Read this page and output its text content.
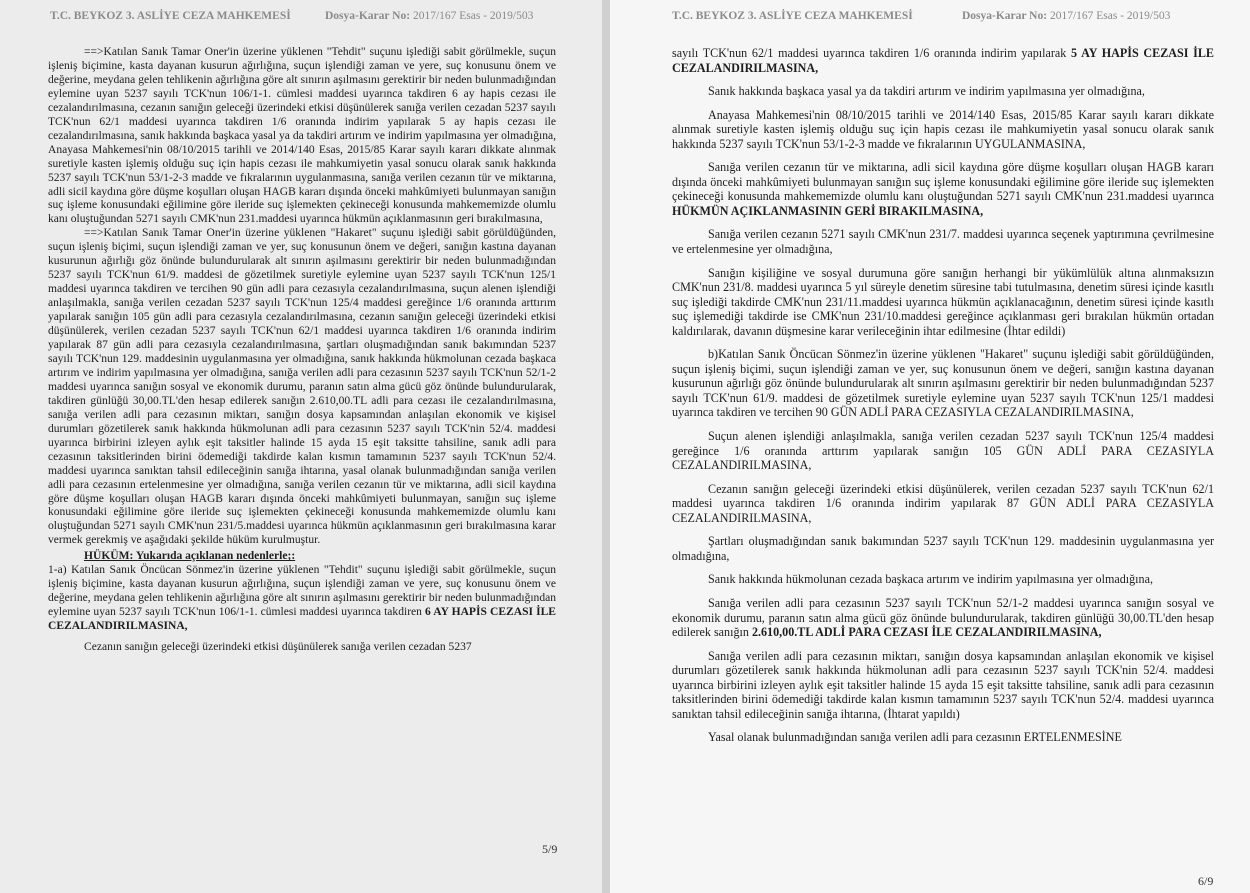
T.C. BEYKOZ 3. ASLİYE CEZA MAHKEMESİ	Dosya-Karar No: 2017/167 Esas - 2019/503

==>Katılan Sanık Tamar Oner'in üzerine yüklenen "Tehdit" suçunu işlediği sabit görülmekle, suçun işleniş biçimine, kasta dayanan kusurun ağırlığına, suçun işlendiği zaman ve yere, suç konusunu önem ve değerine, meydana gelen tehlikenin ağırlığına göre alt sınırın aşılmasını gerektirir bir neden bulunmadığından eylemine uyan 5237 sayılı TCK'nun 106/1-1. cümlesi maddesi uyarınca takdiren 6 ay hapis cezası ile cezalandırılmasına, cezanın sanığın geleceği üzerindeki etkisi düşünülerek sanığa verilen cezadan 5237 sayılı TCK'nun 62/1 maddesi uyarınca takdiren 1/6 oranında indirim yapılarak 5 ay hapis cezası ile cezalandırılmasına, sanık hakkında başkaca yasal ya da takdiri artırım ve indirim yapılmasına yer olmadığına, Anayasa Mahkemesi'nin 08/10/2015 tarihli ve 2014/140 Esas, 2015/85 Karar sayılı kararı dikkate alınmak suretiyle kasten işlemiş olduğu suç için hapis cezası ile mahkumiyetin yasal sonucu olarak sanık hakkında 5237 sayılı TCK'nun 53/1-2-3 madde ve fıkralarının uygulanmasına, sanığa verilen cezanın tür ve miktarına, adli sicil kaydına göre düşme koşulları oluşan HAGB kararı dışında önceki mahkûmiyeti bulunmayan sanığın suç işleme konusundaki eğilimine göre ileride suç işlemekten çekineceği konusunda mahkememizde olumlu kanı oluştuğundan 5271 sayılı CMK'nun 231.maddesi uyarınca hükmün açıklanmasının geri bırakılmasına,

==>Katılan Sanık Tamar Oner'in üzerine yüklenen "Hakaret" suçunu işlediği sabit görüldüğünden, suçun işleniş biçimi, suçun işlendiği zaman ve yer, suç konusunun önem ve değeri, sanığın kastına dayanan kusurunun ağırlığı göz önünde bulundurularak alt sınırın aşılmasını gerektirir bir neden bulunmadığından 5237 sayılı TCK'nun 61/9. maddesi de gözetilmek suretiyle eylemine uyan 5237 sayılı TCK'nun 125/1 maddesi uyarınca takdiren ve tercihen 90 gün adli para cezasıyla cezalandırılmasına, suçun alenen işlendiği anlaşılmakla, sanığa verilen cezadan 5237 sayılı TCK'nun 125/4 maddesi gereğince 1/6 oranında arttırım yapılarak sanığın 105 gün adli para cezasıyla cezalandırılmasına, cezanın sanığın geleceği üzerindeki etkisi düşünülerek, verilen cezadan 5237 sayılı TCK'nun 62/1 maddesi uyarınca takdiren 1/6 oranında indirim yapılarak 87 gün adli para cezasıyla cezalandırılmasına, şartları oluşmadığından sanık bakımından 5237 sayılı TCK'nun 129. maddesinin uygulanmasına yer olmadığına, sanık hakkında hükmolunan cezada başkaca artırım ve indirim yapılmasına yer olmadığına, sanığa verilen adli para cezasının 5237 sayılı TCK'nun 52/1-2 maddesi uyarınca sanığın sosyal ve ekonomik durumu, paranın satın alma gücü göz önünde bulundurularak, takdiren günlüğü 30,00.TL'den hesap edilerek sanığın 2.610,00.TL adli para cezası ile cezalandırılmasına, sanığa verilen adli para cezasının miktarı, sanığın dosya kapsamından anlaşılan ekonomik ve kişisel durumları gözetilerek sanık hakkında hükmolunan adli para cezasının 5237 sayılı TCK'nin 52/4. maddesi uyarınca birbirini izleyen aylık eşit taksitler halinde 15 ayda 15 eşit taksitte tahsiline, sanık adli para cezasının taksitlerinden birini ödemediği takdirde kalan kısmın tamamının 5237 sayılı TCK'nun 52/4. maddesi uyarınca sanıktan tahsil edileceğinin sanığa ihtarına, yasal olanak bulunmadığından sanığa verilen adli para cezasının ertelenmesine yer olmadığına, sanığa verilen cezanın tür ve miktarına, adli sicil kaydına göre düşme koşulları oluşan HAGB kararı dışında önceki mahkûmiyeti bulunmayan, sanığın suç işleme konusundaki eğilimine göre ileride suç işlemekten çekineceği konusunda mahkememizde olumlu kanı oluştuğundan 5271 sayılı CMK'nun 231/5.maddesi uyarınca hükmün açıklanmasının geri bırakılmasına karar vermek gerekmiş ve aşağıdaki şekilde hüküm kurulmuştur.

HÜKÜM: Yukarıda açıklanan nedenlerle;:

1-a) Katılan Sanık Öncücan Sönmez'in üzerine yüklenen "Tehdit" suçunu işlediği sabit görülmekle, suçun işleniş biçimine, kasta dayanan kusurun ağırlığına, suçun işlendiği zaman ve yere, suç konusunu önem ve değerine, meydana gelen tehlikenin ağırlığına göre alt sınırın aşılmasını gerektirir bir neden bulunmadığından eylemine uyan 5237 sayılı TCK'nun 106/1-1. cümlesi maddesi uyarınca takdiren 6 AY HAPİS CEZASI İLE CEZALANDIRILMASINA,

Cezanın sanığın geleceği üzerindeki etkisi düşünülerek sanığa verilen cezadan 5237

5/9
T.C. BEYKOZ 3. ASLİYE CEZA MAHKEMESİ	Dosya-Karar No: 2017/167 Esas - 2019/503

sayılı TCK'nun 62/1 maddesi uyarınca takdiren 1/6 oranında indirim yapılarak 5 AY HAPİS CEZASI İLE CEZALANDIRILMASINA,

Sanık hakkında başkaca yasal ya da takdiri artırım ve indirim yapılmasına yer olmadığına,

Anayasa Mahkemesi'nin 08/10/2015 tarihli ve 2014/140 Esas, 2015/85 Karar sayılı kararı dikkate alınmak suretiyle kasten işlemiş olduğu suç için hapis cezası ile mahkumiyetin yasal sonucu olarak sanık hakkında 5237 sayılı TCK'nun 53/1-2-3 madde ve fıkralarının UYGULANMASINA,

Sanığa verilen cezanın tür ve miktarına, adli sicil kaydına göre düşme koşulları oluşan HAGB kararı dışında önceki mahkûmiyeti bulunmayan sanığın suç işleme konusundaki eğilimine göre ileride suç işlemekten çekineceği konusunda mahkememizde olumlu kanı oluştuğundan 5271 sayılı CMK'nun 231.maddesi uyarınca HÜKMÜN AÇIKLANMASININ GERİ BIRAKILMASINA,

Sanığa verilen cezanın 5271 sayılı CMK'nun 231/7. maddesi uyarınca seçenek yaptırımına çevrilmesine ve ertelenmesine yer olmadığına,

Sanığın kişiliğine ve sosyal durumuna göre sanığın herhangi bir yükümlülük altına alınmaksızın CMK'nun 231/8. maddesi uyarınca 5 yıl süreyle denetim süresine tabi tutulmasına, denetim süresi içinde kasıtlı suç işlediği takdirde CMK'nun 231/11.maddesi uyarınca hükmün açıklanacağının, denetim süresi içinde kasıtlı suç işlemediği takdirde ise CMK'nun 231/10.maddesi gereğince açıklanması geri bırakılan hükmün ortadan kaldırılarak, davanın düşmesine karar verileceğinin ihtar edilmesine (İhtar edildi)

b)Katılan Sanık Öncücan Sönmez'in üzerine yüklenen "Hakaret" suçunu işlediği sabit görüldüğünden, suçun işleniş biçimi, suçun işlendiği zaman ve yer, suç konusunun önem ve değeri, sanığın kastına dayanan kusurunun ağırlığı göz önünde bulundurularak alt sınırın aşılmasını gerektirir bir neden bulunmadığından 5237 sayılı TCK'nun 61/9. maddesi de gözetilmek suretiyle eylemine uyan 5237 sayılı TCK'nun 125/1 maddesi uyarınca takdiren ve tercihen 90 GÜN ADLİ PARA CEZASIYLA CEZALANDIRILMASINA,

Suçun alenen işlendiği anlaşılmakla, sanığa verilen cezadan 5237 sayılı TCK'nun 125/4 maddesi gereğince 1/6 oranında arttırım yapılarak sanığın 105 GÜN ADLİ PARA CEZASIYLA CEZALANDIRILMASINA,

Cezanın sanığın geleceği üzerindeki etkisi düşünülerek, verilen cezadan 5237 sayılı TCK'nun 62/1 maddesi uyarınca takdiren 1/6 oranında indirim yapılarak 87 GÜN ADLİ PARA CEZASIYLA CEZALANDIRILMASINA,

Şartları oluşmadığından sanık bakımından 5237 sayılı TCK'nun 129. maddesinin uygulanmasına yer olmadığına,

Sanık hakkında hükmolunan cezada başkaca artırım ve indirim yapılmasına yer olmadığına,

Sanığa verilen adli para cezasının 5237 sayılı TCK'nun 52/1-2 maddesi uyarınca sanığın sosyal ve ekonomik durumu, paranın satın alma gücü göz önünde bulundurularak, takdiren günlüğü 30,00.TL'den hesap edilerek sanığın 2.610,00.TL ADLİ PARA CEZASI İLE CEZALANDIRILMASINA,

Sanığa verilen adli para cezasının miktarı, sanığın dosya kapsamından anlaşılan ekonomik ve kişisel durumları gözetilerek sanık hakkında hükmolunan adli para cezasının 5237 sayılı TCK'nin 52/4. maddesi uyarınca birbirini izleyen aylık eşit taksitler halinde 15 ayda 15 eşit taksitte tahsiline, sanık adli para cezasının taksitlerinden birini ödemediği takdirde kalan kısmın tamamının 5237 sayılı TCK'nun 52/4. maddesi uyarınca sanıktan tahsil edileceğinin sanığa ihtarına, (İhtarat yapıldı)

Yasal olanak bulunmadığından sanığa verilen adli para cezasının ERTELENMESİNE

6/9
